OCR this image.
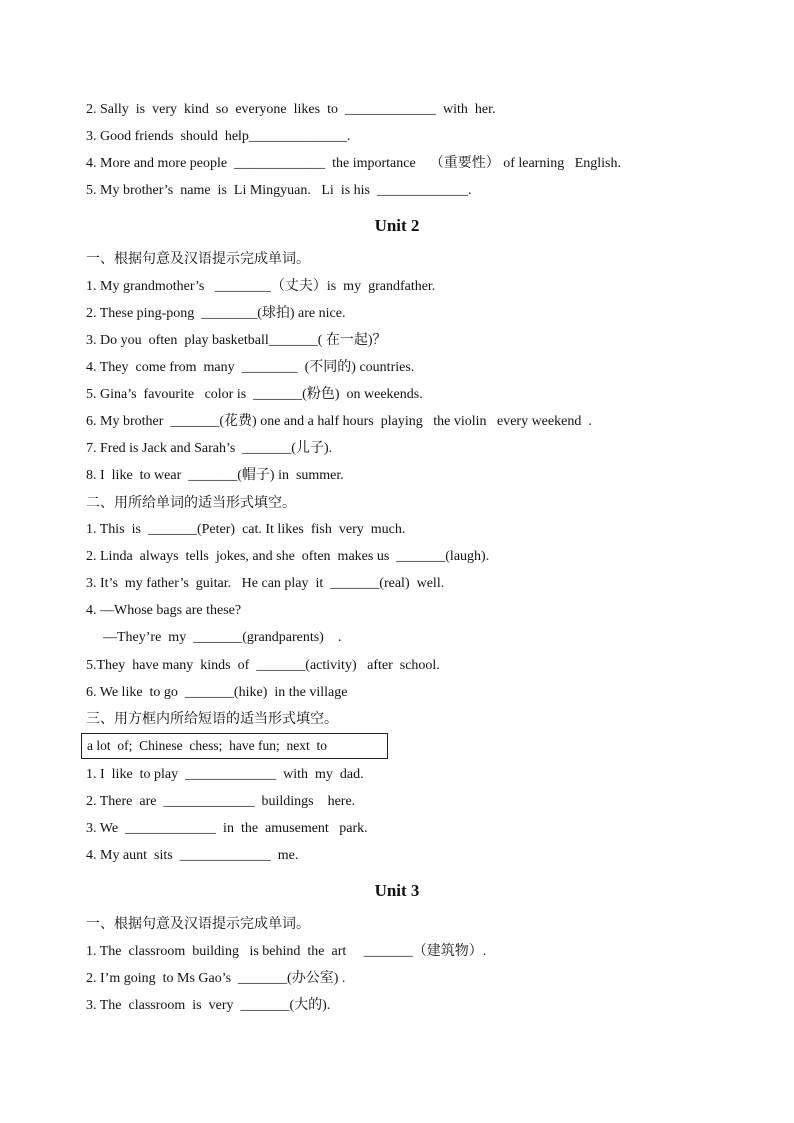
2. Sally  is  very  kind  so  everyone  likes  to  _____________  with  her.
3. Good friends  should  help______________.
4. More and more people  _____________  the importance    （重要性） of learning   English.
5. My brother’s  name  is  Li Mingyuan.   Li  is his  _____________.
Unit 2
一、根据句意及汉语提示完成单词。
1. My grandmother’s   ________（丈夫）is  my  grandfather.
2. These ping-pong  ________(球拍) are nice.
3. Do you  often  play basketball_______( 在一起)？
4. They  come from  many  ________  (不同的) countries.
5. Gina’s  favourite   color is  _______(粉色)  on weekends.
6. My brother  _______(花费) one and a half hours  playing   the violin   every weekend  .
7. Fred is Jack and Sarah’s  _______(儿子).
8. I  like  to wear  _______(帽子) in  summer.
二、用所给单词的适当形式填空。
1. This  is  _______(Peter)  cat. It likes  fish  very  much.
2. Linda  always  tells  jokes, and she  often  makes us  _______(laugh).
3. It’s  my father’s  guitar.   He can play  it  _______(real)  well.
4. —Whose bags are these?
—They’re  my  _______(grandparents)    .
5.They  have many  kinds  of  _______(activity)   after  school.
6. We like  to go  _______(hike)  in the village
三、用方框内所给短语的适当形式填空。
a lot  of;  Chinese  chess;  have fun;  next  to
1. I  like  to play  _____________  with  my  dad.
2. There  are  _____________  buildings    here.
3. We  _____________  in  the  amusement   park.
4. My aunt  sits  _____________  me.
Unit 3
一、根据句意及汉语提示完成单词。
1. The  classroom  building   is behind  the  art     _______（建筑物）.
2. I’m going  to Ms Gao’s  _______(办公室) .
3. The  classroom  is  very  _______(大的).
